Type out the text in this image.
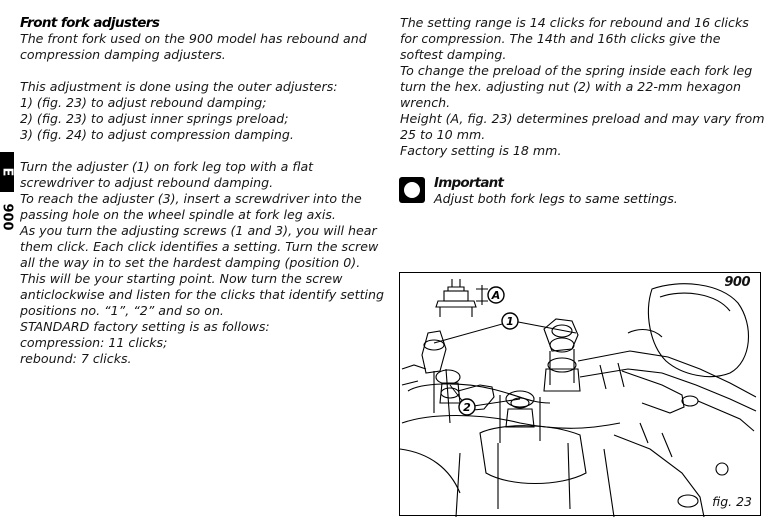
Front fork adjusters

The front fork used on the 900 model has rebound and

compression damping adjusters.

This adjustment is done using the outer adjusters:

1) (fig. 23) to adjust rebound damping;

2) (fig. 23) to adjust inner springs preload;

3) (fig. 24) to adjust compression damping.

Turn the adjuster (1) on fork leg top with a flat

screwdriver to adjust rebound damping.

To reach the adjuster (3), insert a screwdriver into the

passing hole on the wheel spindle at fork leg axis.

As you turn the adjusting screws (1 and 3), you will hear

them click. Each click identifies a setting. Turn the screw

all the way in to set the hardest damping (position 0).

This will be your starting point. Now turn the screw

anticlockwise and listen for the clicks that identify setting

positions no. “1”, “2” and so on.

STANDARD factory setting is as follows:

compression: 11 clicks;

rebound: 7 clicks.

E
900

The setting range is 14 clicks for rebound and 16 clicks

for compression. The 14th and 16th clicks give the

softest damping.

To change the preload of the spring inside each fork leg

turn the hex. adjusting nut (2) with a 22-mm hexagon

wrench.

Height (A, fig. 23) determines preload and may vary from

25 to 10 mm.

Factory setting is 18 mm.

Important
Adjust both fork legs to same settings.
A
1
2
900
fig. 23
